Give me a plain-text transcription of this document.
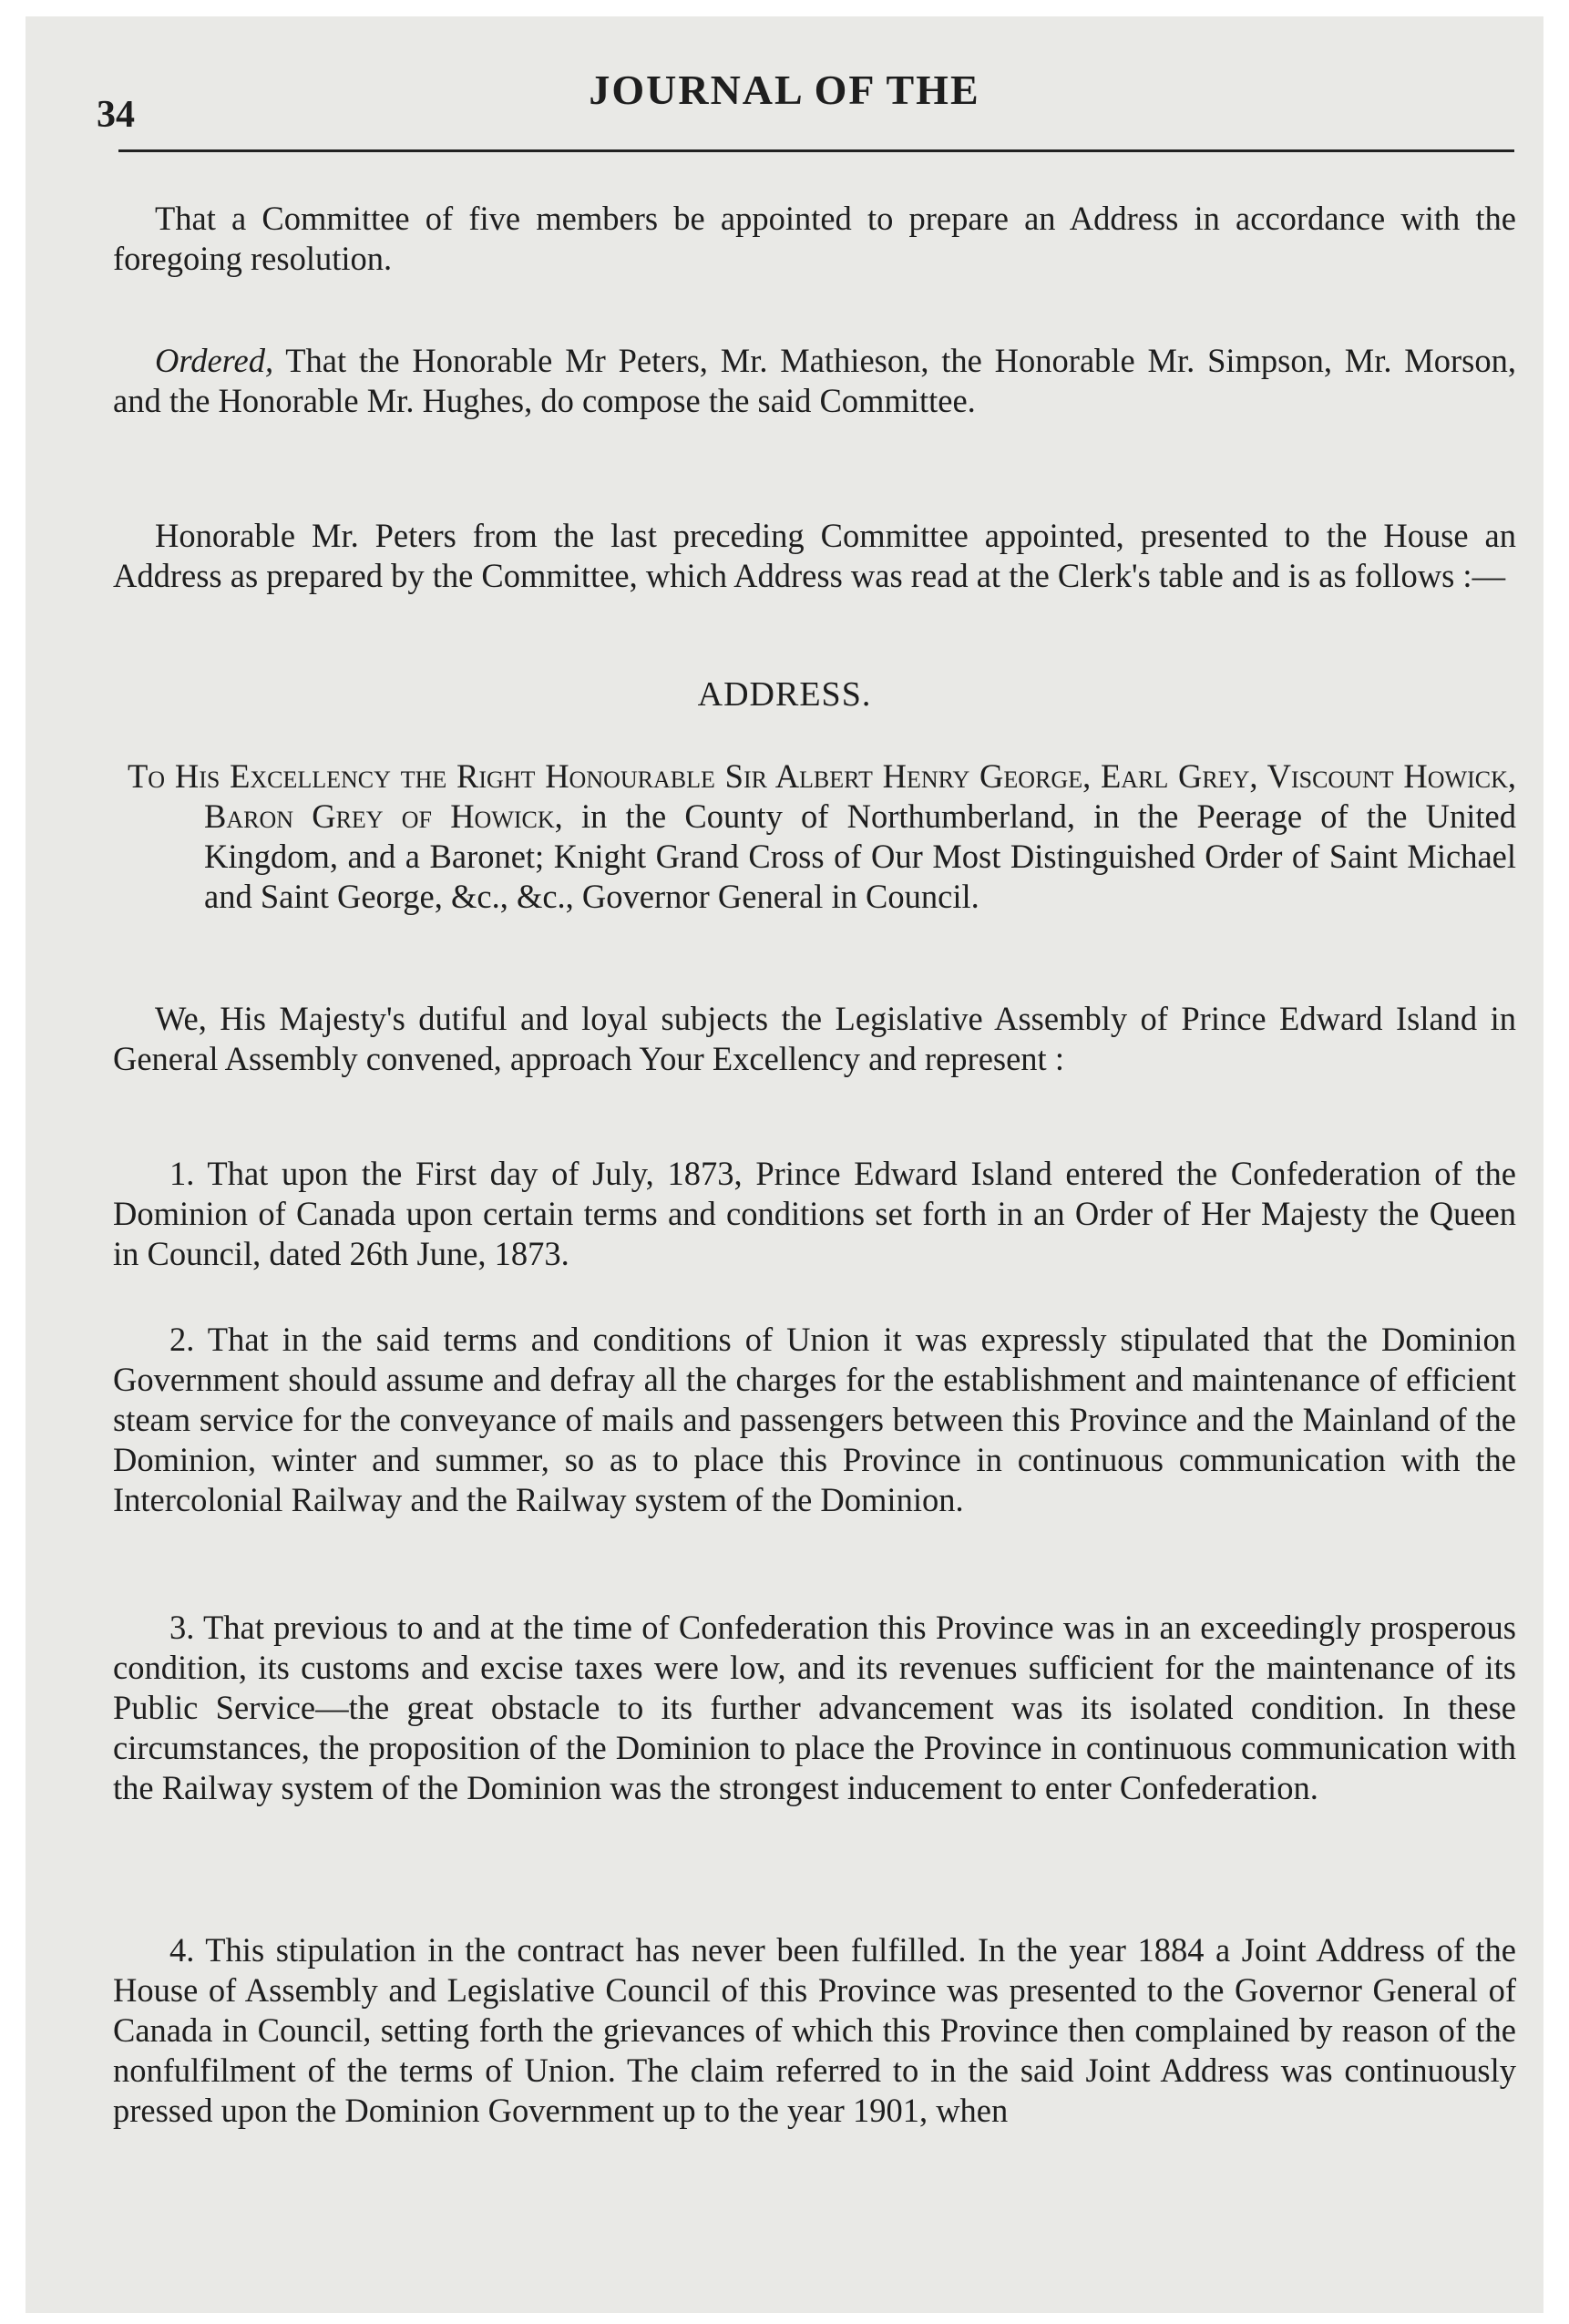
34
JOURNAL OF THE

That a Committee of five members be appointed to prepare an Address in accordance with the foregoing resolution.

Ordered, That the Honorable Mr Peters, Mr. Mathieson, the Honorable Mr. Simpson, Mr. Morson, and the Honorable Mr. Hughes, do compose the said Committee.

Honorable Mr. Peters from the last preceding Committee appointed, presented to the House an Address as prepared by the Committee, which Address was read at the Clerk's table and is as follows :—

ADDRESS.

To His Excellency the Right Honourable Sir Albert Henry George, Earl Grey, Viscount Howick, Baron Grey of Howick, in the County of Northumberland, in the Peerage of the United Kingdom, and a Baronet; Knight Grand Cross of Our Most Distinguished Order of Saint Michael and Saint George, &c., &c., Governor General in Council.

We, His Majesty's dutiful and loyal subjects the Legislative Assembly of Prince Edward Island in General Assembly convened, approach Your Excellency and represent :

1. That upon the First day of July, 1873, Prince Edward Island entered the Confederation of the Dominion of Canada upon certain terms and conditions set forth in an Order of Her Majesty the Queen in Council, dated 26th June, 1873.

2. That in the said terms and conditions of Union it was expressly stipulated that the Dominion Government should assume and defray all the charges for the establishment and maintenance of efficient steam service for the conveyance of mails and passengers between this Province and the Mainland of the Dominion, winter and summer, so as to place this Province in continuous communication with the Intercolonial Railway and the Railway system of the Dominion.

3. That previous to and at the time of Confederation this Province was in an exceedingly prosperous condition, its customs and excise taxes were low, and its revenues sufficient for the maintenance of its Public Service—the great obstacle to its further advancement was its isolated condition. In these circumstances, the proposition of the Dominion to place the Province in continuous communication with the Railway system of the Dominion was the strongest inducement to enter Confederation.

4. This stipulation in the contract has never been fulfilled. In the year 1884 a Joint Address of the House of Assembly and Legislative Council of this Province was presented to the Governor General of Canada in Council, setting forth the grievances of which this Province then complained by reason of the nonfulfilment of the terms of Union. The claim referred to in the said Joint Address was continuously pressed upon the Dominion Government up to the year 1901, when
